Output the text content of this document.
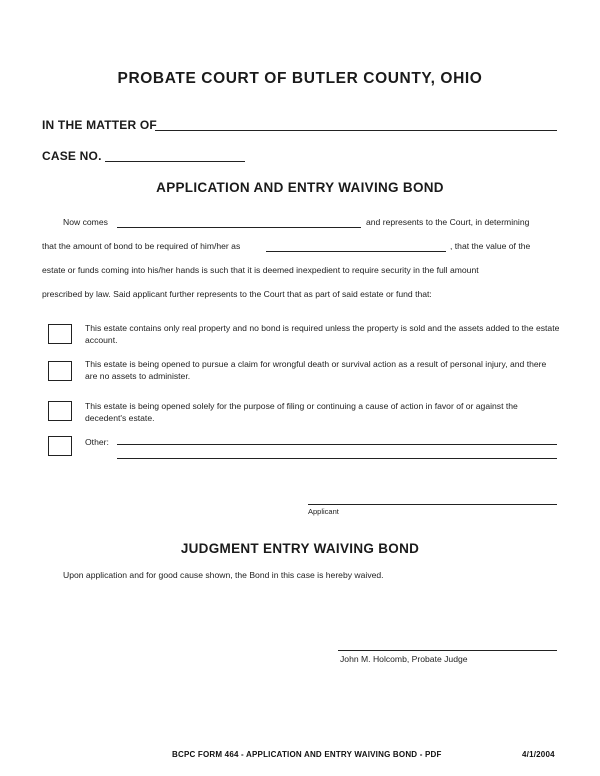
PROBATE COURT OF BUTLER COUNTY, OHIO
IN THE MATTER OF
CASE NO.
APPLICATION AND ENTRY WAIVING BOND
Now comes	and represents to the Court, in determining
that the amount of bond to be required of him/her as	, that the value of the
estate or funds coming into his/her hands is such that it is deemed inexpedient to require security in the full amount
prescribed by law. Said applicant further represents to the Court that as part of said estate or fund that:
This estate contains only real property and no bond is required unless the property is sold and the assets added to the estate account.
This estate is being opened to pursue a claim for wrongful death or survival action as a result of personal injury, and there are no assets to administer.
This estate is being opened solely for the purpose of filing or continuing a cause of action in favor of or against the decedent's estate.
Other:
Applicant
JUDGMENT ENTRY WAIVING BOND
Upon application and for good cause shown, the Bond in this case is hereby waived.
John M. Holcomb, Probate Judge
BCPC FORM 464 - APPLICATION AND ENTRY WAIVING BOND - PDF	4/1/2004
